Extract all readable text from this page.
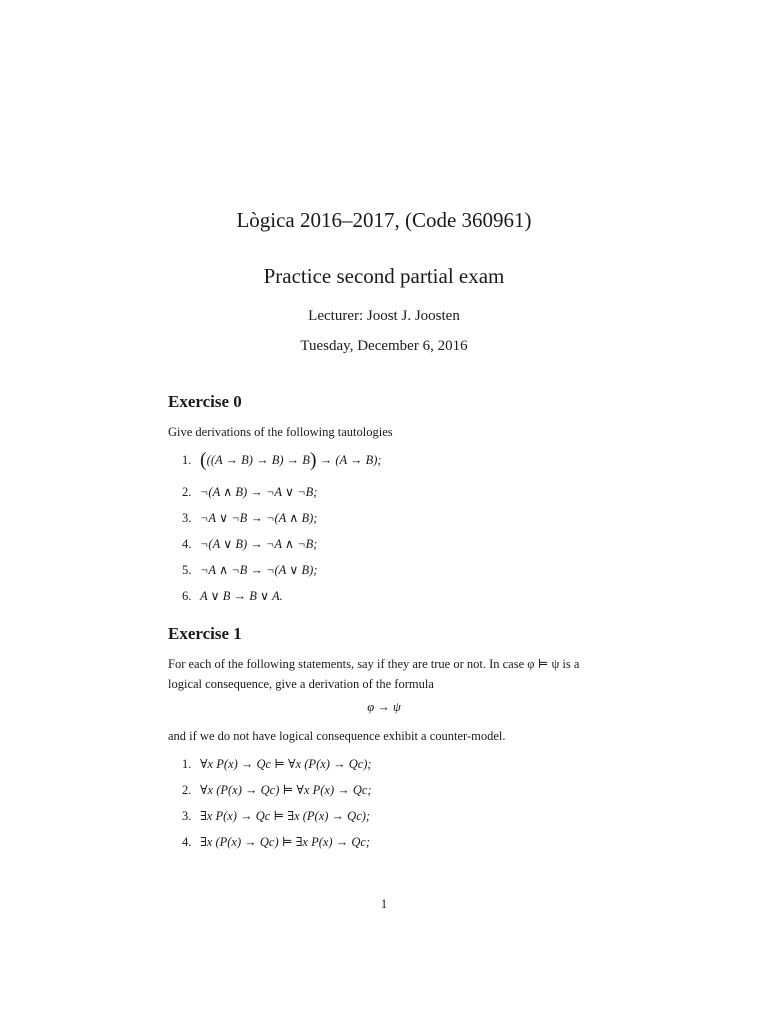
Lògica 2016–2017, (Code 360961)
Practice second partial exam
Lecturer: Joost J. Joosten
Tuesday, December 6, 2016
Exercise 0
Give derivations of the following tautologies
1. (((A → B) → B) → B) → (A → B);
2. ¬(A ∧ B) → ¬A ∨ ¬B;
3. ¬A ∨ ¬B → ¬(A ∧ B);
4. ¬(A ∨ B) → ¬A ∧ ¬B;
5. ¬A ∧ ¬B → ¬(A ∨ B);
6. A ∨ B → B ∨ A.
Exercise 1
For each of the following statements, say if they are true or not. In case φ ⊨ ψ is a logical consequence, give a derivation of the formula
φ → ψ
and if we do not have logical consequence exhibit a counter-model.
1. ∀x P(x) → Qc ⊨ ∀x (P(x) → Qc);
2. ∀x (P(x) → Qc) ⊨ ∀x P(x) → Qc;
3. ∃x P(x) → Qc ⊨ ∃x (P(x) → Qc);
4. ∃x (P(x) → Qc) ⊨ ∃x P(x) → Qc;
1
